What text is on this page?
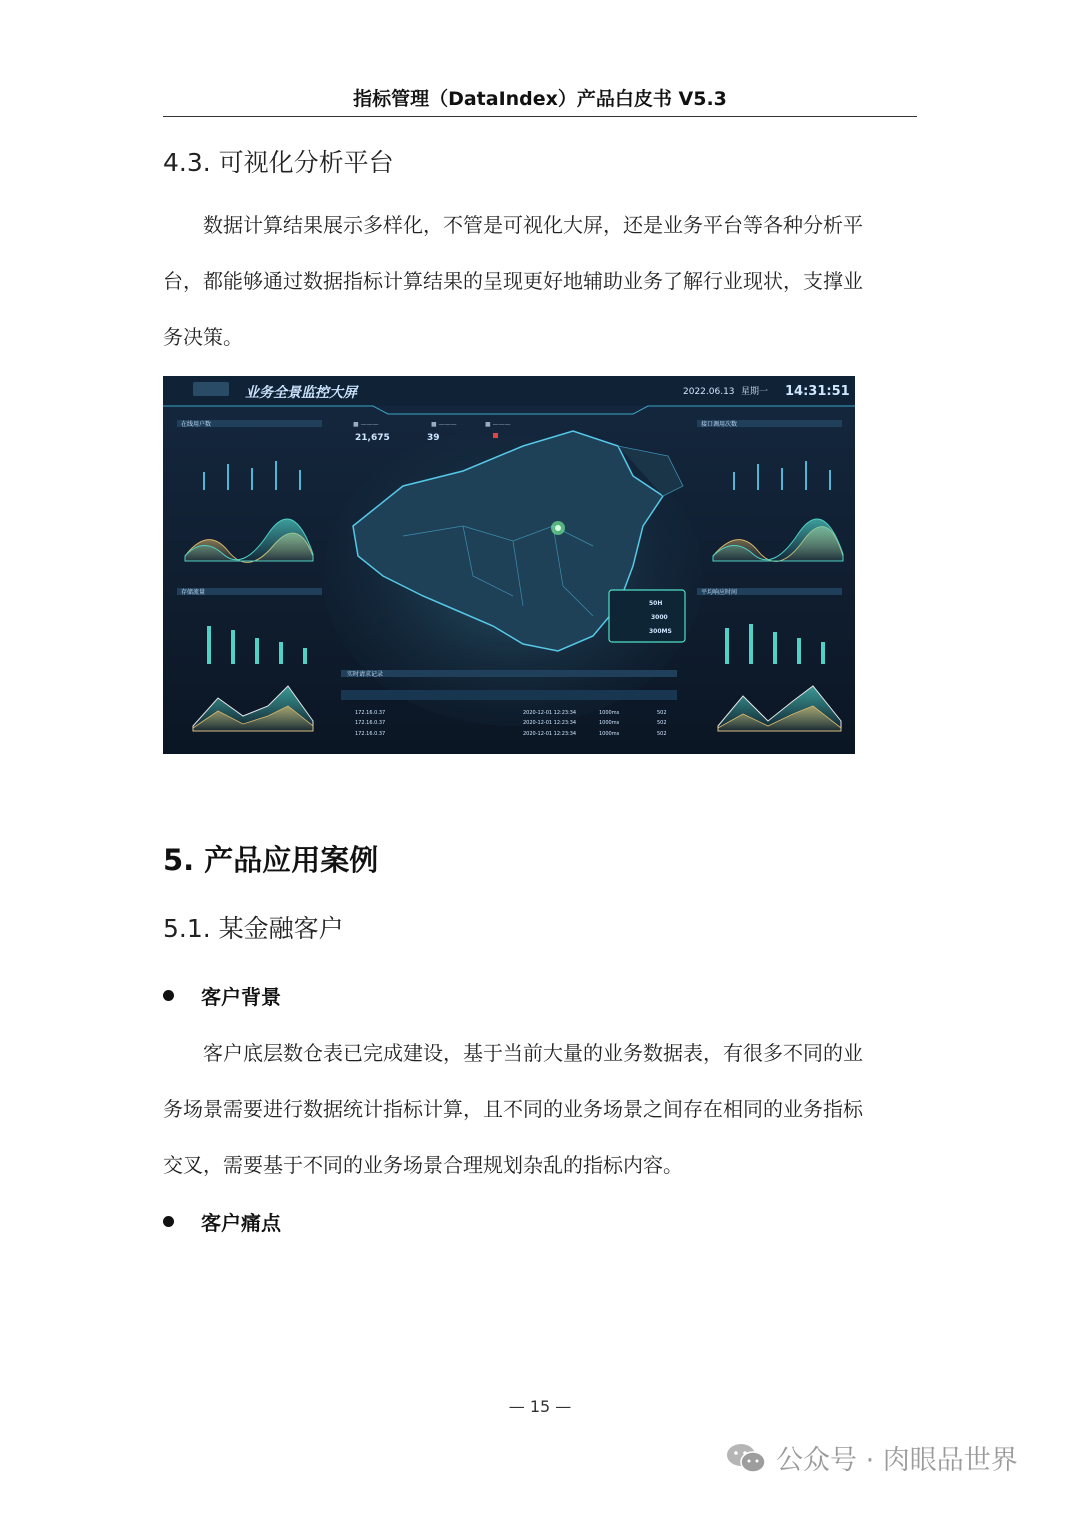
指标管理（DataIndex）产品白皮书 V5.3
4.3. 可视化分析平台
数据计算结果展示多样化，不管是可视化大屏，还是业务平台等各种分析平
台，都能够通过数据指标计算结果的呈现更好地辅助业务了解行业现状，支撑业
务决策。
业务全景监控大屏	2022.06.13 星期一 14:31:51
■ ———	■ ———	■ ———
21,675	39
在线用户数
存储流量
接口调用次数
平均响应时间
50H
3000
300MS
实时请求记录
172.16.0.37	2020-12-01 12:23:34	1000ms	502
172.16.0.37	2020-12-01 12:23:34	1000ms	502
172.16.0.37	2020-12-01 12:23:34	1000ms	502
5. 产品应用案例
5.1. 某金融客户
客户背景
客户底层数仓表已完成建设，基于当前大量的业务数据表，有很多不同的业
务场景需要进行数据统计指标计算，且不同的业务场景之间存在相同的业务指标
交叉，需要基于不同的业务场景合理规划杂乱的指标内容。
客户痛点
— 15 —
公众号 · 肉眼品世界
